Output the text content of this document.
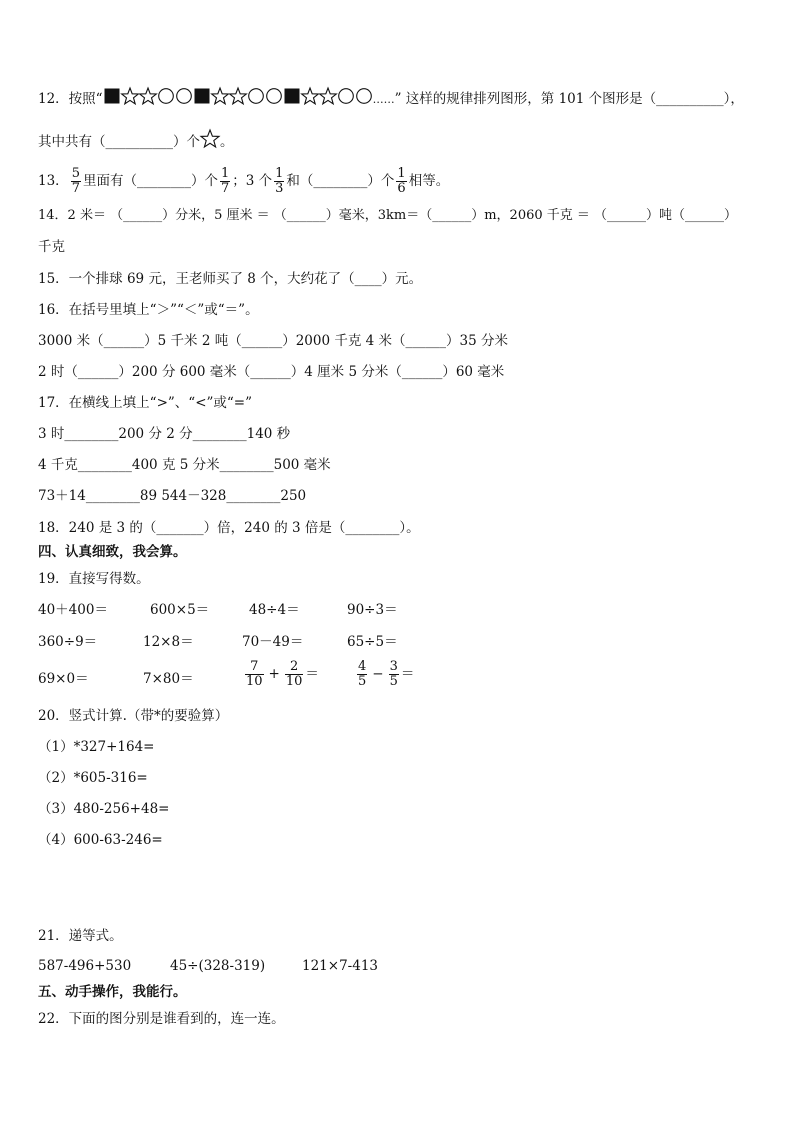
12．按照“	……” 这样的规律排列图形，第 101 个图形是（__________），
其中共有（__________）个 。
13． $\frac{5}{7}$ 里面有（________）个 $\frac{1}{7}$ ；3 个 $\frac{1}{3}$ 和（________）个 $\frac{1}{6}$ 相等。
14．2 米＝ （______）分米，5 厘米 ＝ （______）毫米，3km＝（______）m，2060 千克 ＝ （______）吨（______）
千克
15．一个排球 69 元，王老师买了 8 个，大约花了（____）元。
16．在括号里填上“＞”“＜”或“＝”。
3000 米（______）5 千米 2 吨（______）2000 千克 4 米（______）35 分米
2 时（______）200 分 600 毫米（______）4 厘米 5 分米（______）60 毫米
17．在横线上填上“>”、“<”或“=”
3 时________200 分 2 分________140 秒
4 千克________400 克 5 分米________500 毫米
73＋14________89 544－328________250
18．240 是 3 的（_______）倍，240 的 3 倍是（________）。
四、认真细致，我会算。
19．直接写得数。
40＋400＝	600×5＝	48÷4＝	90÷3＝
360÷9＝	12×8＝	70－49＝	65÷5＝
69×0＝	7×80＝	$\frac{7}{10} + \frac{2}{10}$ ＝	$\frac{4}{5} - \frac{3}{5}$ ＝
20．竖式计算.（带*的要验算）
（1）*327+164=
（2）*605-316=
（3）480-256+48=
（4）600-63-246=
21．递等式。
587-496+530	45÷(328-319)	121×7-413
五、动手操作，我能行。
22．下面的图分别是谁看到的，连一连。
